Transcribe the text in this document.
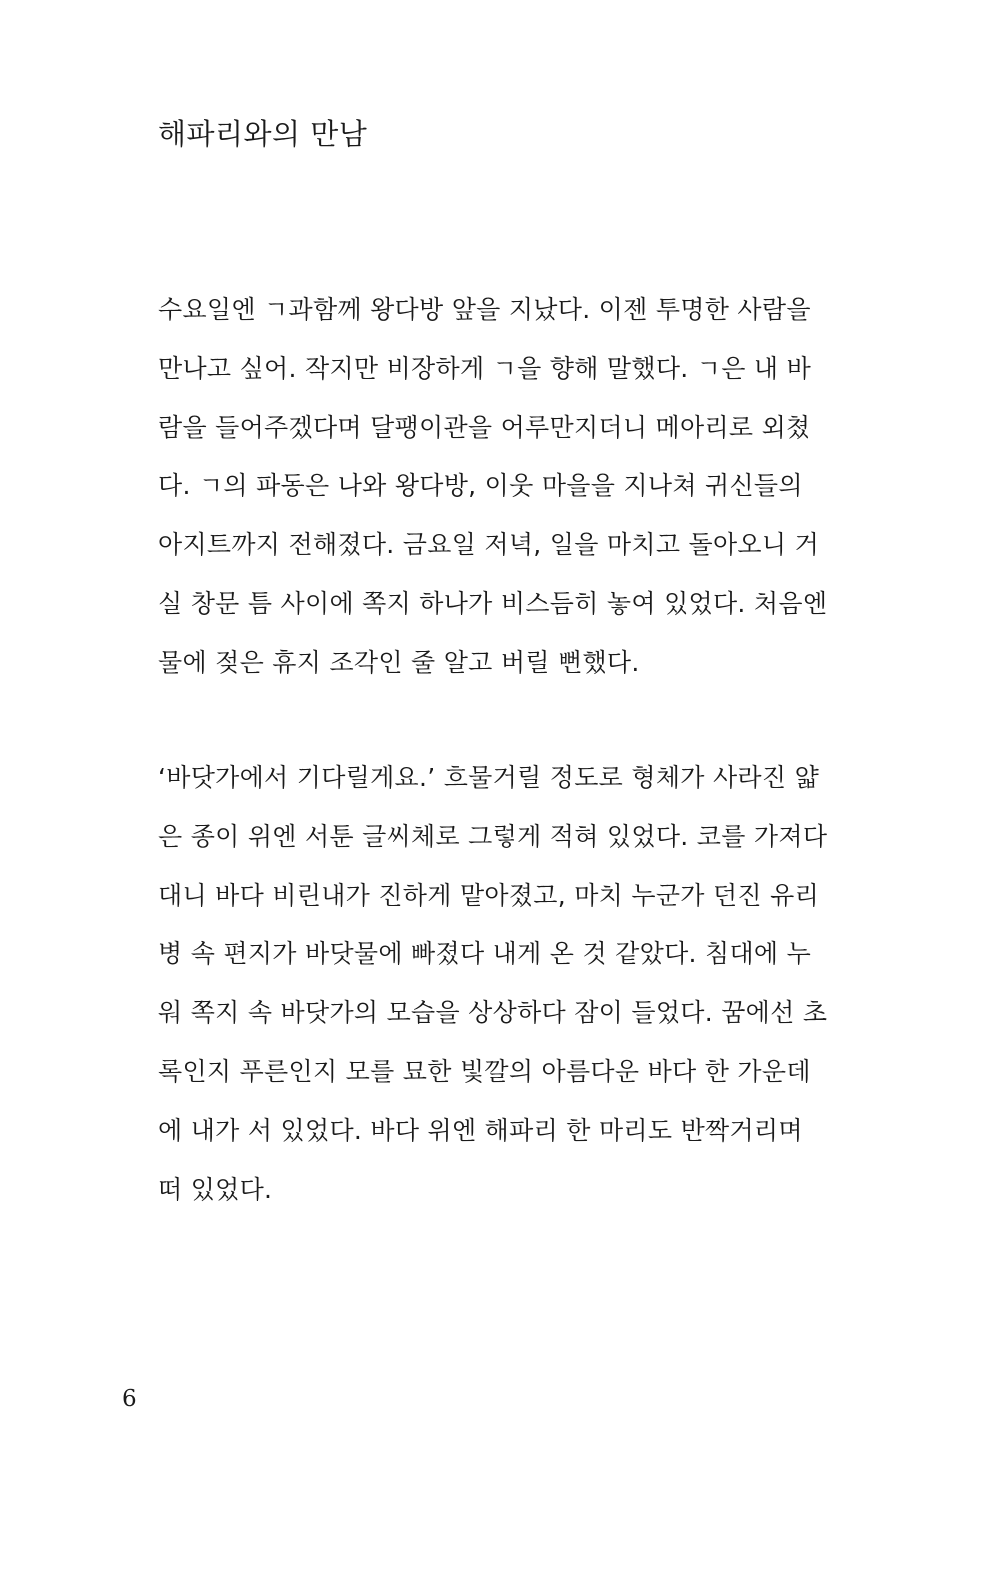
해파리와의 만남

수요일엔 ㄱ과함께 왕다방 앞을 지났다. 이젠 투명한 사람을
만나고 싶어. 작지만 비장하게 ㄱ을 향해 말했다. ㄱ은 내 바
람을 들어주겠다며 달팽이관을 어루만지더니 메아리로 외쳤
다. ㄱ의 파동은 나와 왕다방, 이웃 마을을 지나쳐 귀신들의
아지트까지 전해졌다. 금요일 저녁, 일을 마치고 돌아오니 거
실 창문 틈 사이에 쪽지 하나가 비스듬히 놓여 있었다. 처음엔
물에 젖은 휴지 조각인 줄 알고 버릴 뻔했다.

‘바닷가에서 기다릴게요.’ 흐물거릴 정도로 형체가 사라진 얇
은 종이 위엔 서툰 글씨체로 그렇게 적혀 있었다. 코를 가져다
대니 바다 비린내가 진하게 맡아졌고, 마치 누군가 던진 유리
병 속 편지가 바닷물에 빠졌다 내게 온 것 같았다. 침대에 누
워 쪽지 속 바닷가의 모습을 상상하다 잠이 들었다. 꿈에선 초
록인지 푸른인지 모를 묘한 빛깔의 아름다운 바다 한 가운데
에 내가 서 있었다. 바다 위엔 해파리 한 마리도 반짝거리며
떠 있었다.

6
